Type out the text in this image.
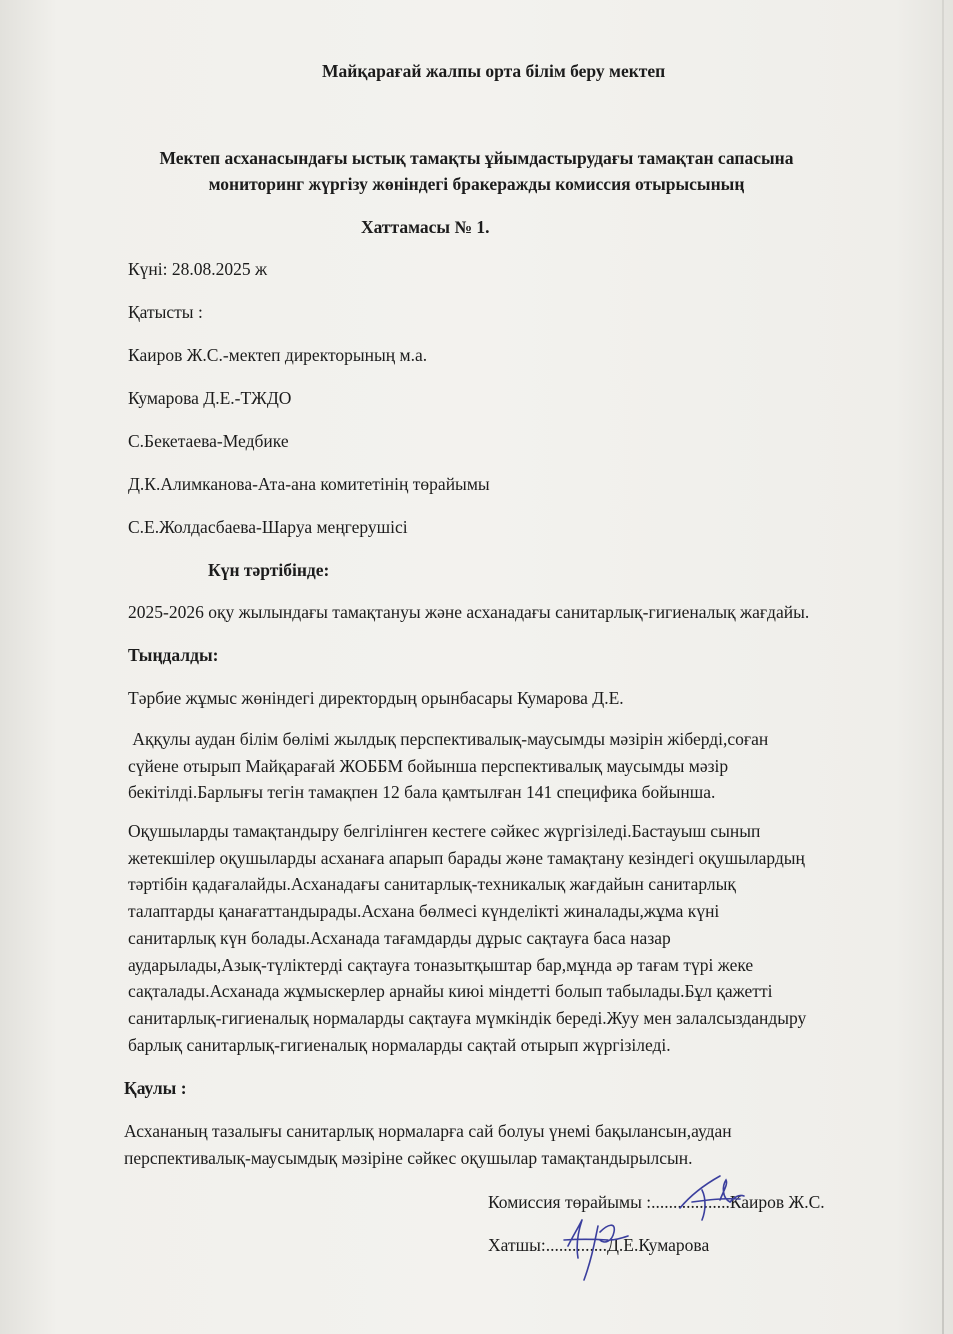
Майқарағай жалпы орта білім беру мектеп
Мектеп асханасындағы ыстық тамақты ұйымдастырудағы тамақтан сапасына
мониторинг жүргізу жөніндегі бракеражды комиссия отырысының
Хаттамасы № 1.
Күні: 28.08.2025 ж
Қатысты :
Каиров Ж.С.-мектеп директорының м.а.
Кумарова Д.Е.-ТЖДО
С.Бекетаева-Медбике
Д.К.Алимканова-Ата-ана комитетінің төрайымы
С.Е.Жолдасбаева-Шаруа меңгерушісі
Күн тәртібінде:
2025-2026 оқу жылындағы тамақтануы және асханадағы санитарлық-гигиеналық жағдайы.
Тыңдалды:
Тәрбие жұмыс жөніндегі директордың орынбасары Кумарова Д.Е.
Аққулы аудан білім бөлімі жылдық перспективалық-маусымды мәзірін жіберді,соған
сүйене отырып Майқарағай ЖОББМ бойынша перспективалық маусымды мәзір
бекітілді.Барлығы тегін тамақпен 12 бала қамтылған 141 спецификa бойынша.
Оқушыларды тамақтандыру белгілінген кестеге сәйкес жүргізіледі.Бастауыш сынып
жетекшілер оқушыларды асханаға апарып барады және тамақтану кезіндегі оқушылардың
тәртібін қадағалайды.Асханадағы санитарлық-техникалық жағдайын санитарлық
талаптарды қанағаттандырады.Асхана бөлмесі күнделікті жиналады,жұма күні
санитарлық күн болады.Асханада тағамдарды дұрыс сақтауға баса назар
аударылады,Азық-түліктерді сақтауға тоназытқыштар бар,мұнда әр тағам түрі жеке
сақталады.Асханада жұмыскерлер арнайы киюі міндетті болып табылады.Бұл қажетті
санитарлық-гигиеналық нормаларды сақтауға мүмкіндік береді.Жуу мен залалсыздандыру
барлық санитарлық-гигиеналық нормаларды сақтай отырып жүргізіледі.
Қаулы :
Асхананың тазалығы санитарлық нормаларға сай болуы үнемі бақылансын,аудан
перспективалық-маусымдық мәзіріне сәйкес оқушылар тамақтандырылсын.
Комиссия төрайымы :..................Каиров Ж.С.
Хатшы:..............Д.Е.Кумарова
